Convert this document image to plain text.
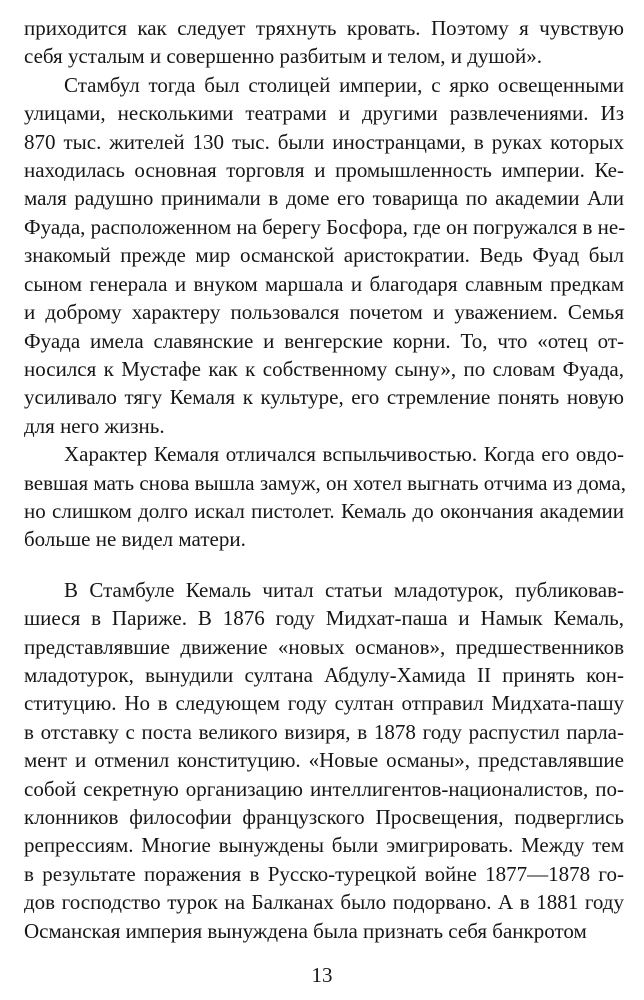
приходится как следует тряхнуть кровать. Поэтому я чувствую
себя усталым и совершенно разбитым и телом, и душой».
Стамбул тогда был столицей империи, с ярко освещенными
улицами, несколькими театрами и другими развлечениями. Из
870 тыс. жителей 130 тыс. были иностранцами, в руках которых
находилась основная торговля и промышленность империи. Ке-
маля радушно принимали в доме его товарища по академии Али
Фуада, расположенном на берегу Босфора, где он погружался в не-
знакомый прежде мир османской аристократии. Ведь Фуад был
сыном генерала и внуком маршала и благодаря славным предкам
и доброму характеру пользовался почетом и уважением. Семья
Фуада имела славянские и венгерские корни. То, что «отец от-
носился к Мустафе как к собственному сыну», по словам Фуада,
усиливало тягу Кемаля к культуре, его стремление понять новую
для него жизнь.
Характер Кемаля отличался вспыльчивостью. Когда его овдо-
вевшая мать снова вышла замуж, он хотел выгнать отчима из дома,
но слишком долго искал пистолет. Кемаль до окончания академии
больше не видел матери.
В Стамбуле Кемаль читал статьи младотурок, публиковав-
шиеся в Париже. В 1876 году Мидхат-паша и Намык Кемаль,
представлявшие движение «новых османов», предшественников
младотурок, вынудили султана Абдулу-Хамида II принять кон-
ституцию. Но в следующем году султан отправил Мидхата-пашу
в отставку с поста великого визиря, в 1878 году распустил парла-
13
мент и отменил конституцию. «Новые османы», представлявшие
собой секретную организацию интеллигентов-националистов, по-
клонников философии французского Просвещения, подверглись
репрессиям. Многие вынуждены были эмигрировать. Между тем
в результате поражения в Русско-турецкой войне 1877—1878 го-
дов господство турок на Балканах было подорвано. А в 1881 году
Османская империя вынуждена была признать себя банкротом
